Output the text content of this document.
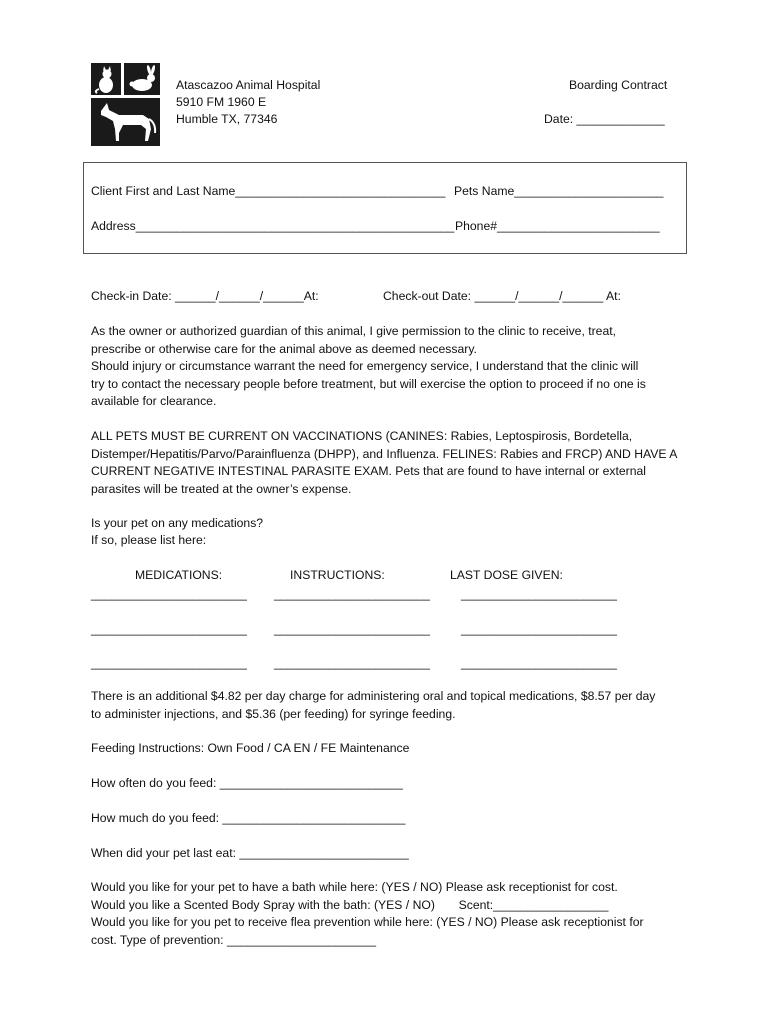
Atascazoo Animal Hospital
5910 FM 1960 E
Humble TX, 77346
Boarding Contract
Date: _____________
Client First and Last Name_______________________________ Pets Name______________________
Address_______________________________________________ Phone#________________________
Check-in Date: ______/______/______At:	Check-out Date: ______/______/______ At:
As the owner or authorized guardian of this animal, I give permission to the clinic to receive, treat,
prescribe or otherwise care for the animal above as deemed necessary.
Should injury or circumstance warrant the need for emergency service, I understand that the clinic will
try to contact the necessary people before treatment, but will exercise the option to proceed if no one is
available for clearance.
ALL PETS MUST BE CURRENT ON VACCINATIONS (CANINES: Rabies, Leptospirosis, Bordetella,
Distemper/Hepatitis/Parvo/Parainfluenza (DHPP), and Influenza. FELINES: Rabies and FRCP) AND HAVE A
CURRENT NEGATIVE INTESTINAL PARASITE EXAM. Pets that are found to have internal or external
parasites will be treated at the owner’s expense.
Is your pet on any medications?
If so, please list here:
MEDICATIONS:	INSTRUCTIONS:	LAST DOSE GIVEN:
_______________________ _______________________	_______________________
_______________________ _______________________	_______________________
_______________________ _______________________	_______________________
There is an additional $4.82 per day charge for administering oral and topical medications, $8.57 per day
to administer injections, and $5.36 (per feeding) for syringe feeding.
Feeding Instructions: Own Food / CA EN / FE Maintenance
How often do you feed: ___________________________
How much do you feed: ___________________________
When did your pet last eat: _________________________
Would you like for your pet to have a bath while here: (YES / NO) Please ask receptionist for cost.
Would you like a Scented Body Spray with the bath: (YES / NO)       Scent:_________________
Would you like for you pet to receive flea prevention while here: (YES / NO) Please ask receptionist for
cost. Type of prevention: ______________________
